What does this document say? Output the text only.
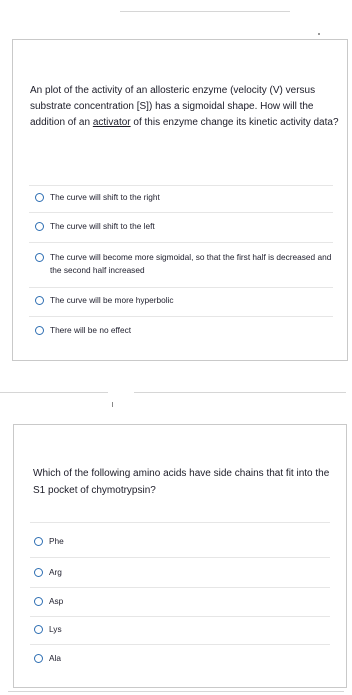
An plot of the activity of an allosteric enzyme (velocity (V) versus substrate concentration [S]) has a sigmoidal shape. How will the addition of an activator of this enzyme change its kinetic activity data?
The curve will shift to the right
The curve will shift to the left
The curve will become more sigmoidal, so that the first half is decreased and the second half increased
The curve will be more hyperbolic
There will be no effect
Which of the following amino acids have side chains that fit into the S1 pocket of chymotrypsin?
Phe
Arg
Asp
Lys
Ala
